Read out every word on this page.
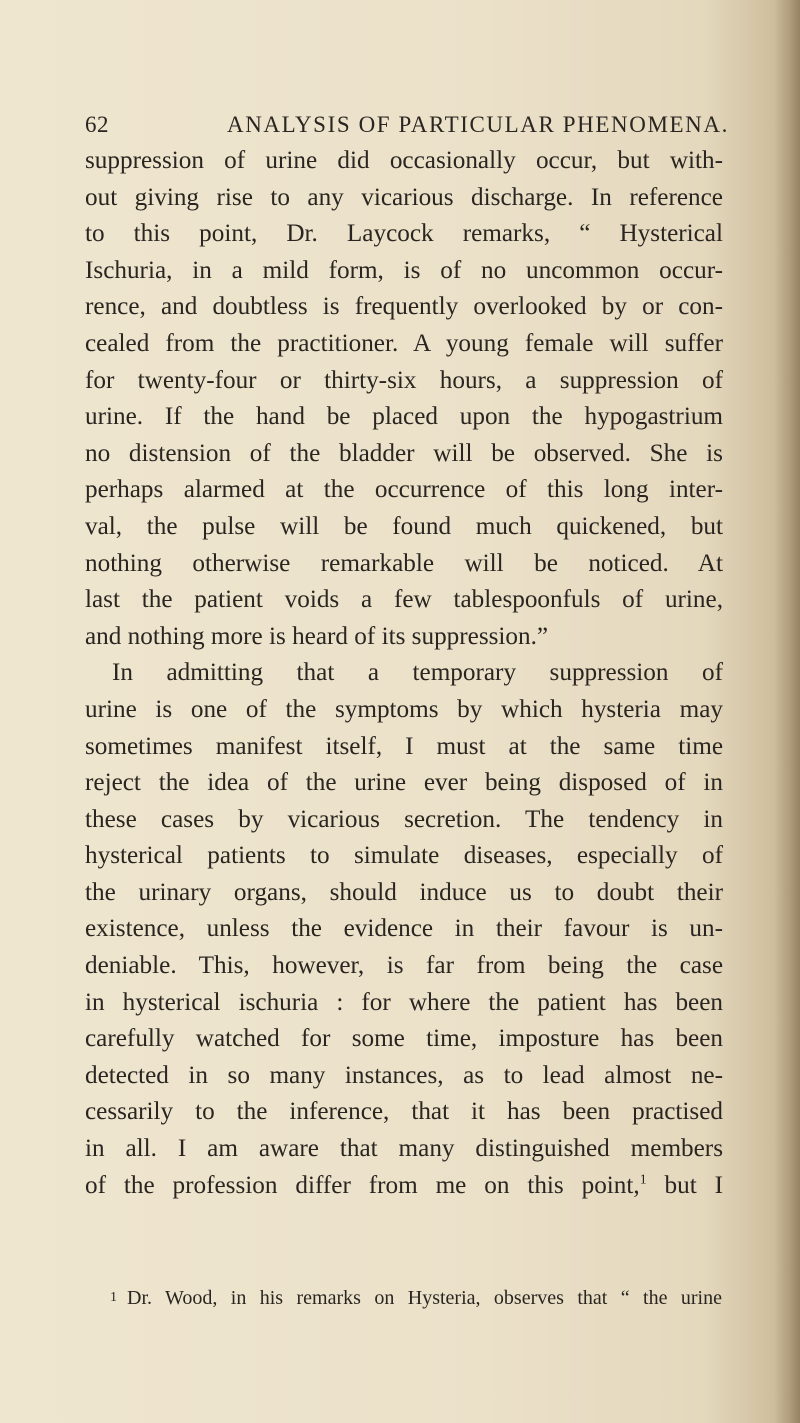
62	ANALYSIS OF PARTICULAR PHENOMENA.
suppression of urine did occasionally occur, but with-
out giving rise to any vicarious discharge. In reference
to this point, Dr. Laycock remarks, “ Hysterical
Ischuria, in a mild form, is of no uncommon occur-
rence, and doubtless is frequently overlooked by or con-
cealed from the practitioner. A young female will suffer
for twenty-four or thirty-six hours, a suppression of
urine. If the hand be placed upon the hypogastrium
no distension of the bladder will be observed. She is
perhaps alarmed at the occurrence of this long inter-
val, the pulse will be found much quickened, but
nothing otherwise remarkable will be noticed. At
last the patient voids a few tablespoonfuls of urine,
and nothing more is heard of its suppression.”
In admitting that a temporary suppression of
urine is one of the symptoms by which hysteria may
sometimes manifest itself, I must at the same time
reject the idea of the urine ever being disposed of in
these cases by vicarious secretion. The tendency in
hysterical patients to simulate diseases, especially of
the urinary organs, should induce us to doubt their
existence, unless the evidence in their favour is un-
deniable. This, however, is far from being the case
in hysterical ischuria : for where the patient has been
carefully watched for some time, imposture has been
detected in so many instances, as to lead almost ne-
cessarily to the inference, that it has been practised
in all. I am aware that many distinguished members
of the profession differ from me on this point,$^1$ but I
1 Dr. Wood, in his remarks on Hysteria, observes that “ the urine
